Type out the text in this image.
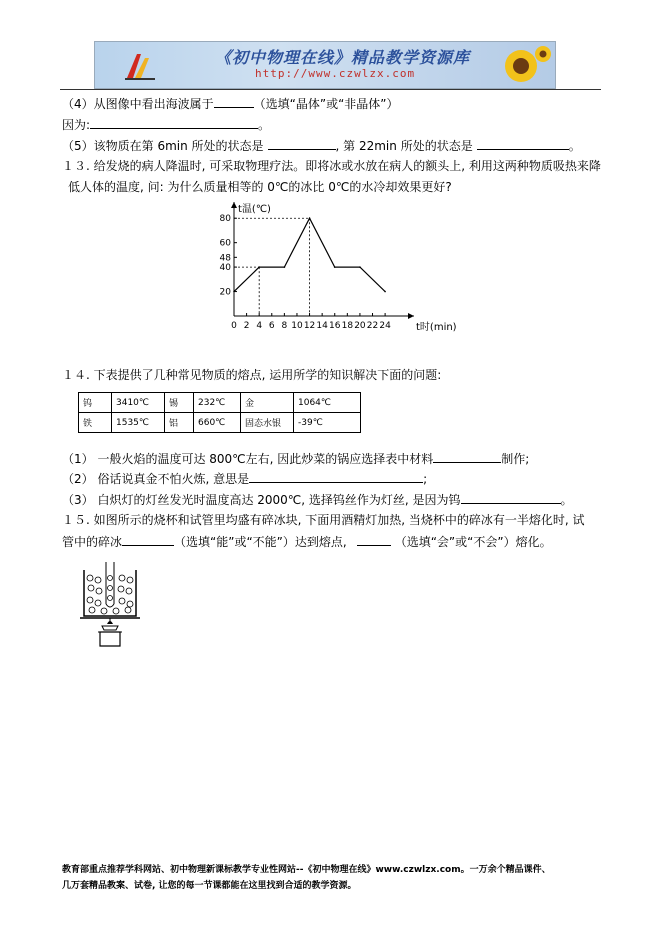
《初中物理在线》精品教学资源库
http://www.czwlzx.com
（4）从图像中看出海波属于	（选填“晶体”或“非晶体”）
因为:	。
（5）该物质在第 6min 所处的状态是	, 第 22min 所处的状态是	。
１３. 给发烧的病人降温时, 可采取物理疗法。即将冰或水放在病人的额头上, 利用这两种物质吸热来降
低人体的温度, 问: 为什么质量相等的 0℃的冰比 0℃的水冷却效果更好?
0 2 4 6 8 10 12 14 16 18 20 22 24
20
40
48
60
80
t温(℃)
t时(min)
１４. 下表提供了几种常见物质的熔点, 运用所学的知识解决下面的问题:
钨	3410℃	锡	232℃	金	1064℃
铁	1535℃	铝	660℃	固态水银	-39℃
（1） 一般火焰的温度可达 800℃左右, 因此炒菜的锅应选择表中材料	制作;
（2） 俗话说真金不怕火炼, 意思是	;
（3） 白炽灯的灯丝发光时温度高达 2000℃, 选择钨丝作为灯丝, 是因为钨	。
１５. 如图所示的烧杯和试管里均盛有碎冰块, 下面用酒精灯加热, 当烧杯中的碎冰有一半熔化时, 试
管中的碎冰	（选填“能”或“不能”）达到熔点,	（选填“会”或“不会”）熔化。
教育部重点推荐学科网站、初中物理新课标教学专业性网站--《初中物理在线》www.czwlzx.com。一万余个精品课件、
几万套精品教案、试卷, 让您的每一节课都能在这里找到合适的教学资源。
